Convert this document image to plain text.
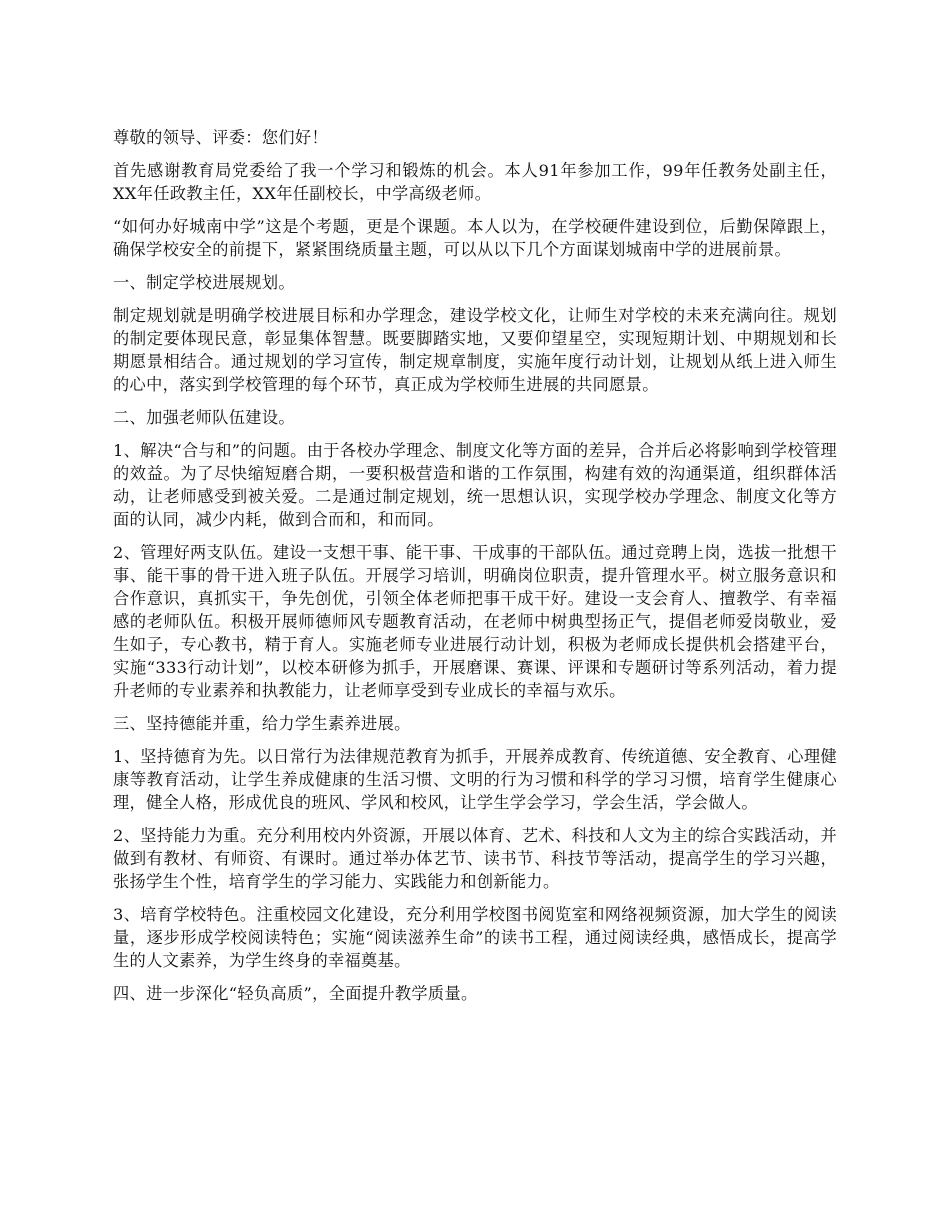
尊敬的领导、评委：您们好！

首先感谢教育局党委给了我一个学习和锻炼的机会。本人91年参加工作，99年任教务处副主任，XX年任政教主任，XX年任副校长，中学高级老师。

“如何办好城南中学”这是个考题，更是个课题。本人以为，在学校硬件建设到位，后勤保障跟上，确保学校安全的前提下，紧紧围绕质量主题，可以从以下几个方面谋划城南中学的进展前景。

一、制定学校进展规划。

制定规划就是明确学校进展目标和办学理念，建设学校文化，让师生对学校的未来充满向往。规划的制定要体现民意，彰显集体智慧。既要脚踏实地，又要仰望星空，实现短期计划、中期规划和长期愿景相结合。通过规划的学习宣传，制定规章制度，实施年度行动计划，让规划从纸上进入师生的心中，落实到学校管理的每个环节，真正成为学校师生进展的共同愿景。

二、加强老师队伍建设。

1、解决“合与和”的问题。由于各校办学理念、制度文化等方面的差异，合并后必将影响到学校管理的效益。为了尽快缩短磨合期，一要积极营造和谐的工作氛围，构建有效的沟通渠道，组织群体活动，让老师感受到被关爱。二是通过制定规划，统一思想认识，实现学校办学理念、制度文化等方面的认同，减少内耗，做到合而和，和而同。

2、管理好两支队伍。建设一支想干事、能干事、干成事的干部队伍。通过竞聘上岗，选拔一批想干事、能干事的骨干进入班子队伍。开展学习培训，明确岗位职责，提升管理水平。树立服务意识和合作意识，真抓实干，争先创优，引领全体老师把事干成干好。建设一支会育人、擅教学、有幸福感的老师队伍。积极开展师德师风专题教育活动，在老师中树典型扬正气，提倡老师爱岗敬业，爱生如子，专心教书，精于育人。实施老师专业进展行动计划，积极为老师成长提供机会搭建平台，实施“333行动计划”，以校本研修为抓手，开展磨课、赛课、评课和专题研讨等系列活动，着力提升老师的专业素养和执教能力，让老师享受到专业成长的幸福与欢乐。

三、坚持德能并重，给力学生素养进展。

1、坚持德育为先。以日常行为法律规范教育为抓手，开展养成教育、传统道德、安全教育、心理健康等教育活动，让学生养成健康的生活习惯、文明的行为习惯和科学的学习习惯，培育学生健康心理，健全人格，形成优良的班风、学风和校风，让学生学会学习，学会生活，学会做人。

2、坚持能力为重。充分利用校内外资源，开展以体育、艺术、科技和人文为主的综合实践活动，并做到有教材、有师资、有课时。通过举办体艺节、读书节、科技节等活动，提高学生的学习兴趣，张扬学生个性，培育学生的学习能力、实践能力和创新能力。

3、培育学校特色。注重校园文化建设，充分利用学校图书阅览室和网络视频资源，加大学生的阅读量，逐步形成学校阅读特色；实施“阅读滋养生命”的读书工程，通过阅读经典，感悟成长，提高学生的人文素养，为学生终身的幸福奠基。

四、进一步深化“轻负高质”，全面提升教学质量。
